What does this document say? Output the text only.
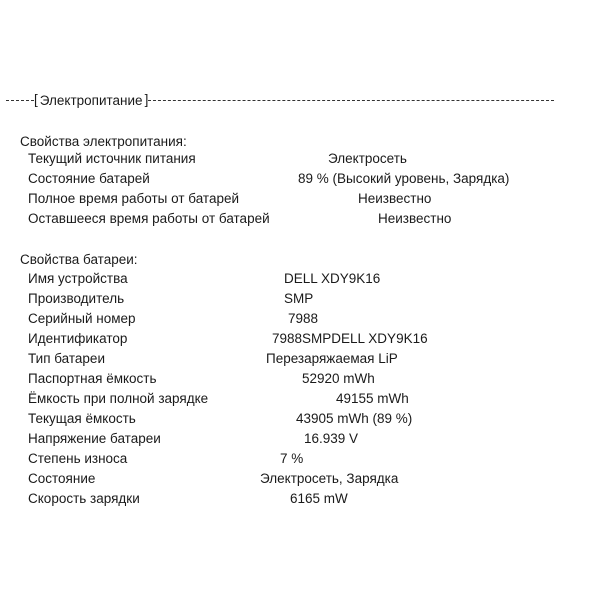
[ Электропитание ]
Свойства электропитания:
Текущий источник питания	Электросеть
Состояние батарей	89 % (Высокий уровень, Зарядка)
Полное время работы от батарей	Неизвестно
Оставшееся время работы от батарей	Неизвестно
Свойства батареи:
Имя устройства	DELL XDY9K16
Производитель	SMP
Серийный номер	7988
Идентификатор	7988SMPDELL XDY9K16
Тип батареи	Перезаряжаемая LiP
Паспортная ёмкость	52920 mWh
Ёмкость при полной зарядке	49155 mWh
Текущая ёмкость	43905 mWh (89 %)
Напряжение батареи	16.939 V
Степень износа	7 %
Состояние	Электросеть, Зарядка
Скорость зарядки	6165 mW
